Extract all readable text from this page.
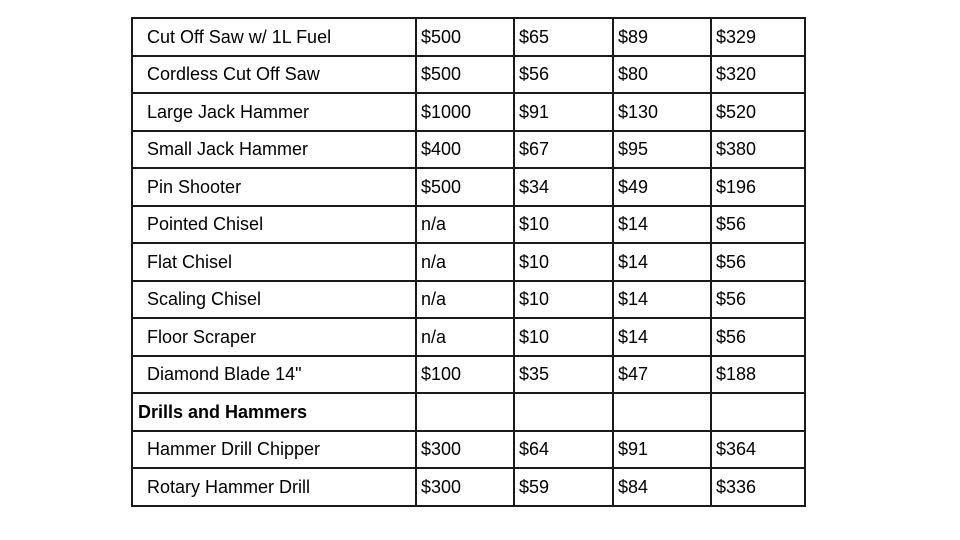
Cut Off Saw w/ 1L Fuel	$500	$65	$89	$329
Cordless Cut Off Saw	$500	$56	$80	$320
Large Jack Hammer	$1000	$91	$130	$520
Small Jack Hammer	$400	$67	$95	$380
Pin Shooter	$500	$34	$49	$196
Pointed Chisel	n/a	$10	$14	$56
Flat Chisel	n/a	$10	$14	$56
Scaling Chisel	n/a	$10	$14	$56
Floor Scraper	n/a	$10	$14	$56
Diamond Blade 14"	$100	$35	$47	$188
Drills and Hammers				
Hammer Drill Chipper	$300	$64	$91	$364
Rotary Hammer Drill	$300	$59	$84	$336
